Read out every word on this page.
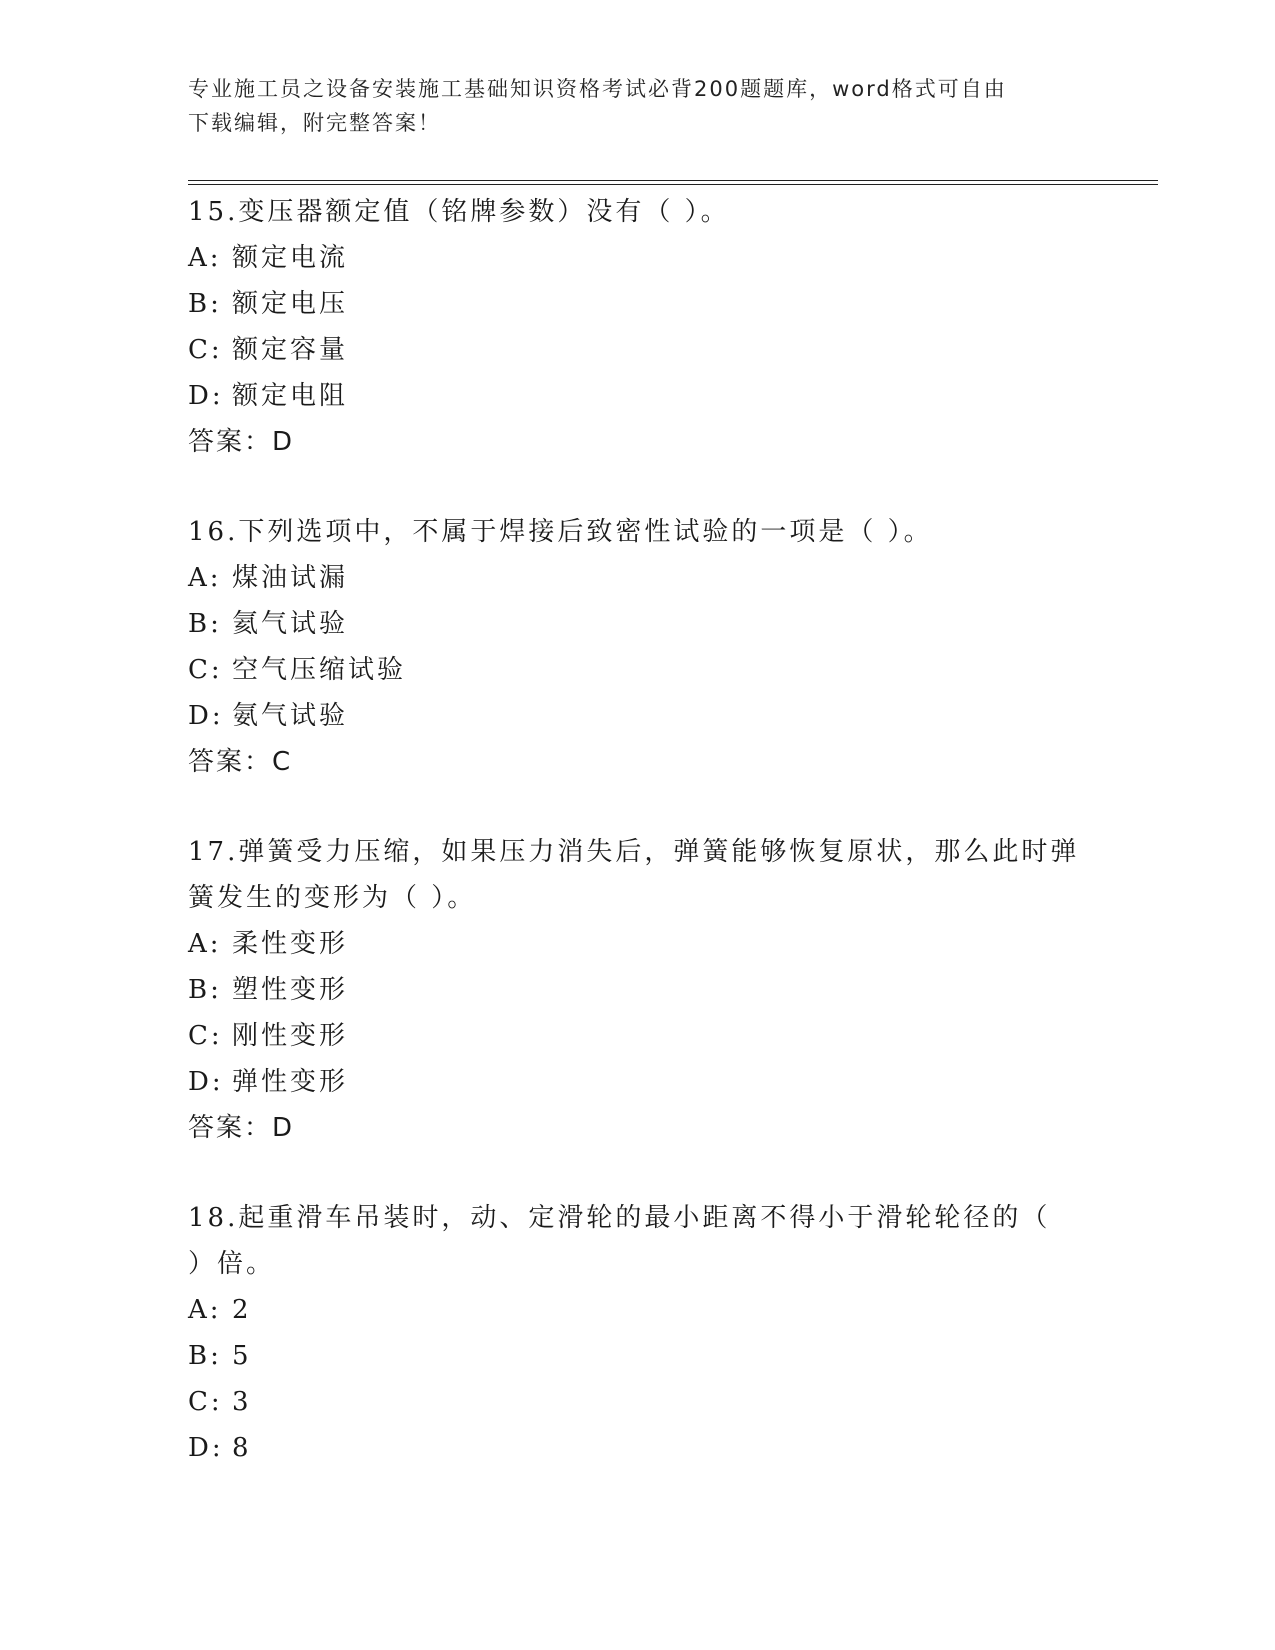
专业施工员之设备安装施工基础知识资格考试必背200题题库，word格式可自由
下载编辑，附完整答案！

15.变压器额定值（铭牌参数）没有（ ）。

A: 额定电流

B: 额定电压

C: 额定容量

D: 额定电阻

答案：D

16.下列选项中，不属于焊接后致密性试验的一项是（ ）。

A: 煤油试漏

B: 氦气试验

C: 空气压缩试验

D: 氨气试验

答案：C

17.弹簧受力压缩，如果压力消失后，弹簧能够恢复原状，那么此时弹

簧发生的变形为（ ）。

A: 柔性变形

B: 塑性变形

C: 刚性变形

D: 弹性变形

答案：D

18.起重滑车吊装时，动、定滑轮的最小距离不得小于滑轮轮径的（

）倍。

A: 2

B: 5

C: 3

D: 8
